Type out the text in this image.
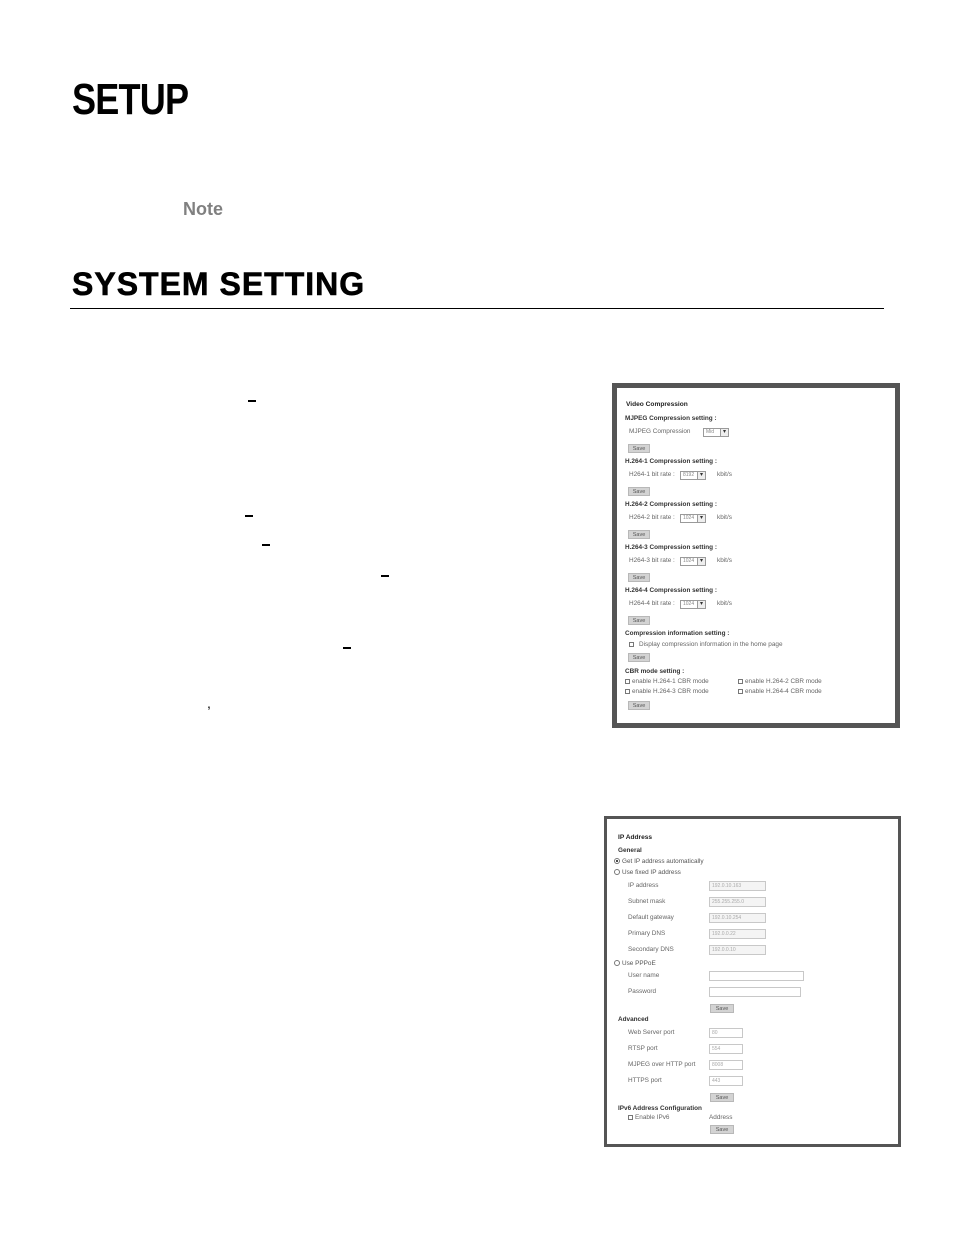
SETUP
Note
SYSTEM SETTING
,
Video Compression
MJPEG Compression setting :
MJPEG Compression	Mid	▾
Save
H.264-1 Compression setting :
H264-1 bit rate :	8192 ▾	kbit/s
Save
H.264-2 Compression setting :
H264-2 bit rate :	1024 ▾	kbit/s
Save
H.264-3 Compression setting :
H264-3 bit rate :	1024 ▾	kbit/s
Save
H.264-4 Compression setting :
H264-4 bit rate :	1024 ▾	kbit/s
Save
Compression information setting :
Display compression information in the home page
Save
CBR mode setting :
enable H.264-1 CBR mode	enable H.264-2 CBR mode
enable H.264-3 CBR mode	enable H.264-4 CBR mode
Save
IP Address
General
Get IP address automatically
Use fixed IP address
IP address	192.0.10.163
Subnet mask	255.255.255.0
Default gateway	192.0.10.254
Primary DNS	192.0.0.22
Secondary DNS	192.0.0.10
Use PPPoE
User name
Password
Save
Advanced
Web Server port	80
RTSP port	554
MJPEG over HTTP port	8008
HTTPS port	443
Save
IPv6 Address Configuration
Enable IPv6	Address
Save
